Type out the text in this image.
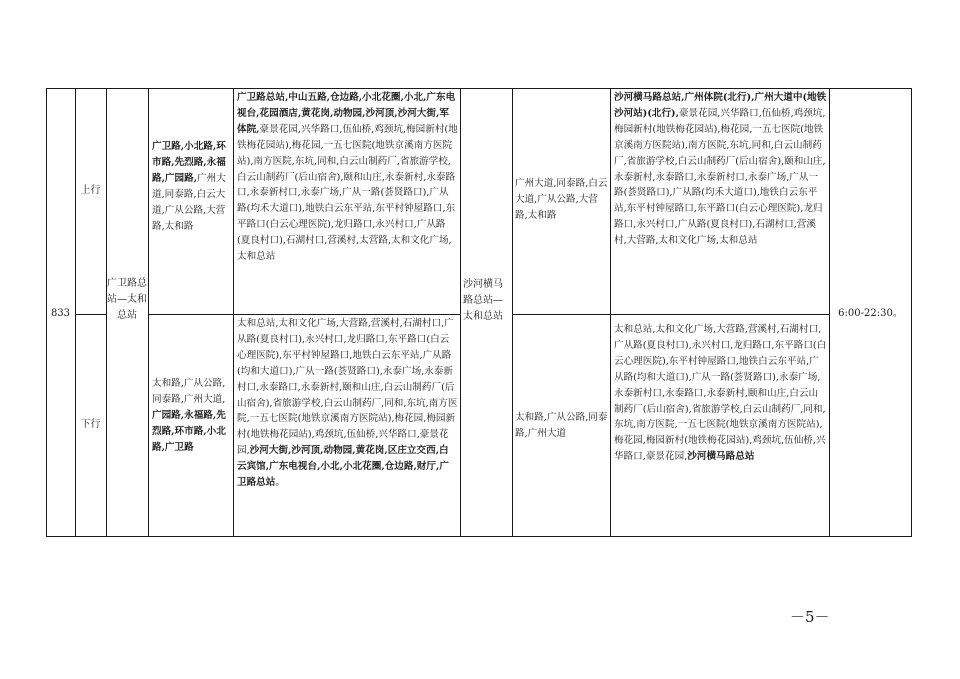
833
上行
下行
广卫路总站—太和总站
广卫路,小北路,环市路,先烈路,永福路,广园路,广州大道,同泰路,白云大道,广从公路,大营路,太和路
太和路,广从公路,同泰路,广州大道,广园路,永福路,先烈路,环市路,小北路,广卫路
广卫路总站,中山五路,仓边路,小北花圈,小北,广东电视台,花园酒店,黄花岗,动物园,沙河顶,沙河大街,军体院,豪景花园,兴华路口,伍仙桥,鸡颈坑,梅园新村(地铁梅花园站),梅花园,一五七医院(地铁京溪南方医院站),南方医院,东坑,同和,白云山制药厂,省旅游学校,白云山制药厂(后山宿舍),颐和山庄,永泰新村,永泰路口,永泰新村口,永泰广场,广从一路(荟贤路口),广从路(均禾大道口),地铁白云东平站,东平村钟屋路口,东平路口(白云心理医院),龙归路口,永兴村口,广从路(夏良村口),石湖村口,营溪村,太营路,太和文化广场,太和总站
太和总站,太和文化广场,大营路,营溪村,石湖村口,广从路(夏良村口),永兴村口,龙归路口,东平路口(白云心理医院),东平村钟屋路口,地铁白云东平站,广从路(均和大道口),广从一路(荟贤路口),永泰广场,永泰新村口,永泰路口,永泰新村,颐和山庄,白云山制药厂(后山宿舍),省旅游学校,白云山制药厂,同和,东坑,南方医院,一五七医院(地铁京溪南方医院站),梅花园,梅园新村(地铁梅花园站),鸡颈坑,伍仙桥,兴华路口,豪景花园,沙河大街,沙河顶,动物园,黄花岗,区庄立交西,白云宾馆,广东电视台,小北,小北花圈,仓边路,财厅,广卫路总站。
沙河横马路总站—太和总站
广州大道,同泰路,白云大道,广从公路,大营路,太和路
太和路,广从公路,同泰路,广州大道
沙河横马路总站,广州体院(北行),广州大道中(地铁沙河站)(北行),豪景花园,兴华路口,伍仙桥,鸡颈坑,梅园新村(地铁梅花园站),梅花园,一五七医院(地铁京溪南方医院站),南方医院,东坑,同和,白云山制药厂,省旅游学校,白云山制药厂(后山宿舍),颐和山庄,永泰新村,永泰路口,永泰新村口,永泰广场,广从一路(荟贤路口),广从路(均禾大道口),地铁白云东平站,东平村钟屋路口,东平路口(白云心理医院),龙归路口,永兴村口,广从路(夏良村口),石湖村口,营溪村,大营路,太和文化广场,太和总站
太和总站,太和文化广场,大营路,营溪村,石湖村口,广从路(夏良村口),永兴村口,龙归路口,东平路口(白云心理医院),东平村钟屋路口,地铁白云东平站,广从路(均和大道口),广从一路(荟贤路口),永泰广场,永泰新村口,永泰路口,永泰新村,颐和山庄,白云山制药厂(后山宿舍),省旅游学校,白云山制药厂,同和,东坑,南方医院,一五七医院(地铁京溪南方医院站),梅花园,梅园新村(地铁梅花园站),鸡颈坑,伍仙桥,兴华路口,豪景花园,沙河横马路总站
6:00-22:30。
－5－
